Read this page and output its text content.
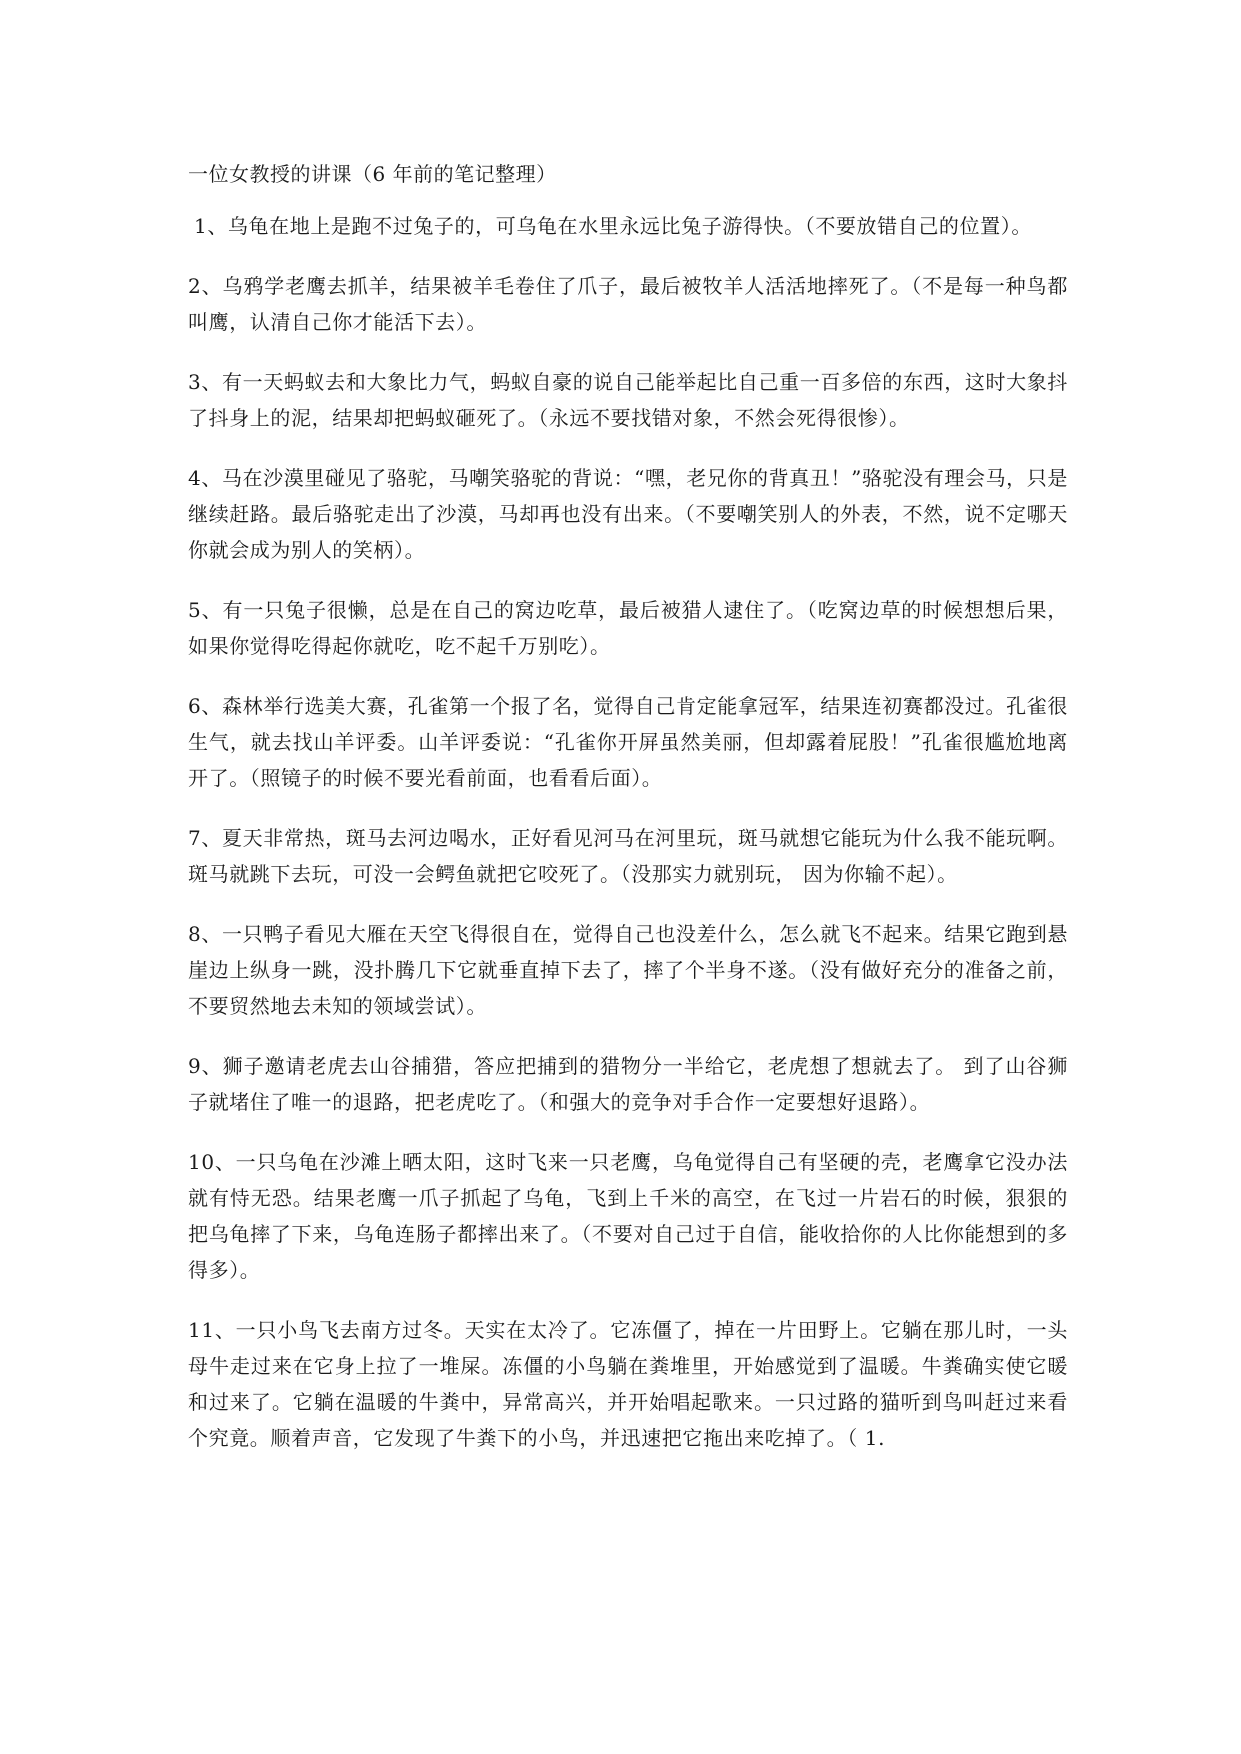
一位女教授的讲课（6 年前的笔记整理）
1、乌龟在地上是跑不过兔子的，可乌龟在水里永远比兔子游得快。（不要放错自己的位置）。
2、乌鸦学老鹰去抓羊，结果被羊毛卷住了爪子，最后被牧羊人活活地摔死了。（不是每一种鸟都叫鹰，认清自己你才能活下去）。
3、有一天蚂蚁去和大象比力气，蚂蚁自豪的说自己能举起比自己重一百多倍的东西，这时大象抖了抖身上的泥，结果却把蚂蚁砸死了。（永远不要找错对象，不然会死得很惨）。
4、马在沙漠里碰见了骆驼，马嘲笑骆驼的背说：“嘿，老兄你的背真丑！”骆驼没有理会马，只是继续赶路。最后骆驼走出了沙漠，马却再也没有出来。（不要嘲笑别人的外表，不然，说不定哪天你就会成为别人的笑柄）。
5、有一只兔子很懒，总是在自己的窝边吃草，最后被猎人逮住了。（吃窝边草的时候想想后果，如果你觉得吃得起你就吃，吃不起千万别吃）。
6、森林举行选美大赛，孔雀第一个报了名，觉得自己肯定能拿冠军，结果连初赛都没过。孔雀很生气，就去找山羊评委。山羊评委说：“孔雀你开屏虽然美丽，但却露着屁股！”孔雀很尴尬地离开了。（照镜子的时候不要光看前面，也看看后面）。
7、夏天非常热，斑马去河边喝水，正好看见河马在河里玩，斑马就想它能玩为什么我不能玩啊。斑马就跳下去玩，可没一会鳄鱼就把它咬死了。（没那实力就别玩， 因为你输不起）。
8、一只鸭子看见大雁在天空飞得很自在，觉得自己也没差什么，怎么就飞不起来。结果它跑到悬崖边上纵身一跳，没扑腾几下它就垂直掉下去了，摔了个半身不遂。（没有做好充分的准备之前，不要贸然地去未知的领域尝试）。
9、狮子邀请老虎去山谷捕猎，答应把捕到的猎物分一半给它，老虎想了想就去了。 到了山谷狮子就堵住了唯一的退路，把老虎吃了。（和强大的竞争对手合作一定要想好退路）。
10、一只乌龟在沙滩上晒太阳，这时飞来一只老鹰，乌龟觉得自己有坚硬的壳，老鹰拿它没办法就有恃无恐。结果老鹰一爪子抓起了乌龟，飞到上千米的高空，在飞过一片岩石的时候，狠狠的把乌龟摔了下来，乌龟连肠子都摔出来了。（不要对自己过于自信，能收拾你的人比你能想到的多得多）。
11、一只小鸟飞去南方过冬。天实在太冷了。它冻僵了，掉在一片田野上。它躺在那儿时，一头母牛走过来在它身上拉了一堆屎。冻僵的小鸟躺在粪堆里，开始感觉到了温暖。牛粪确实使它暖和过来了。它躺在温暖的牛粪中，异常高兴，并开始唱起歌来。一只过路的猫听到鸟叫赶过来看个究竟。顺着声音，它发现了牛粪下的小鸟，并迅速把它拖出来吃掉了。（ 1.
